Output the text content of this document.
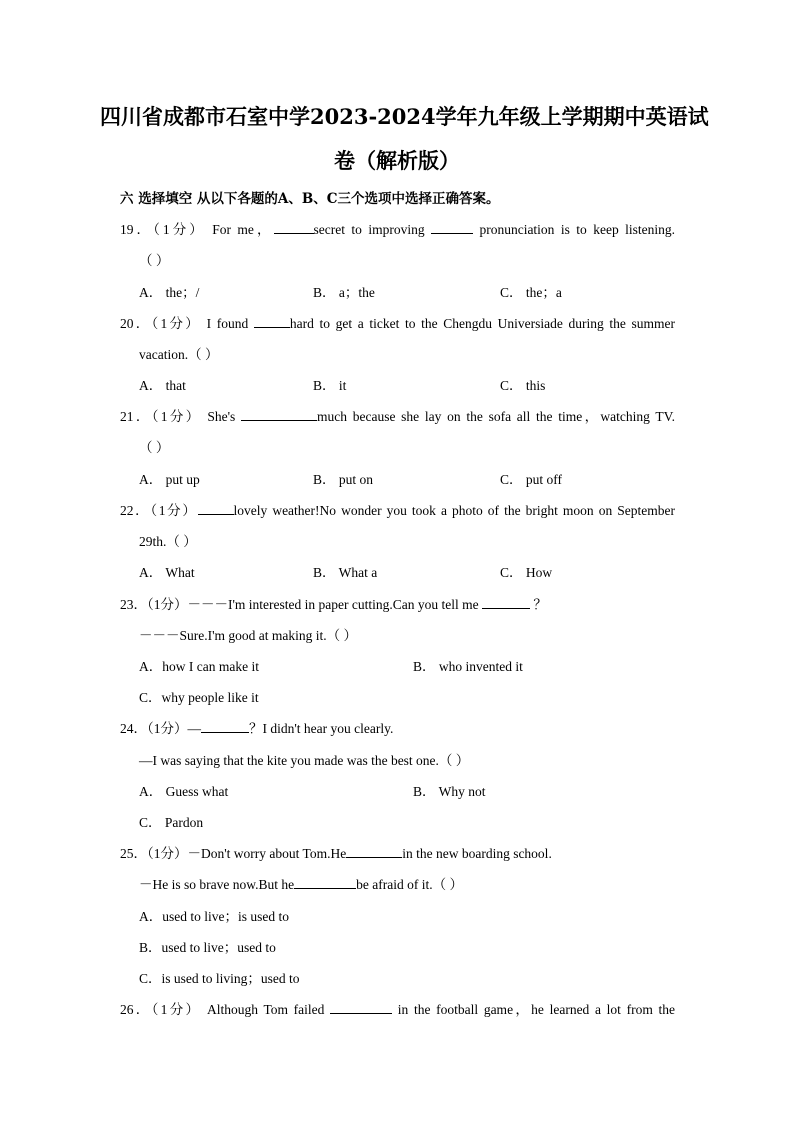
四川省成都市石室中学2023-2024学年九年级上学期期中英语试
卷（解析版）
六 选择填空 从以下各题的A、B、C三个选项中选择正确答案。
19．（1分） For me，	secret to improving	pronunciation is to keep listening.
（ ）
A． the；/	B． a；the	C． the；a
20．（1分） I found	hard to get a ticket to the Chengdu Universiade during the summer
vacation.（ ）
A． that	B． it	C． this
21．（1分） She's	much because she lay on the sofa all the time，watching TV.
（ ）
A． put up	B． put on	C． put off
22．（1分）	lovely weather!No wonder you took a photo of the bright moon on September
29th.（ ）
A． What	B． What a	C． How
23．（1分）－－－I'm interested in paper cutting.Can you tell me	？
－－－Sure.I'm good at making it.（ ）
A．how I can make it	B． who invented it
C．why people like it
24．（1分）—	？I didn't hear you clearly.
—I was saying that the kite you made was the best one.（ ）
A． Guess what	B． Why not
C． Pardon
25．（1分）－Don't worry about Tom.He	in the new boarding school.
－He is so brave now.But he	be afraid of it.（ ）
A．used to live；is used to
B．used to live；used to
C．is used to living；used to
26．（1分） Although Tom failed	in the football game，he learned a lot from the
